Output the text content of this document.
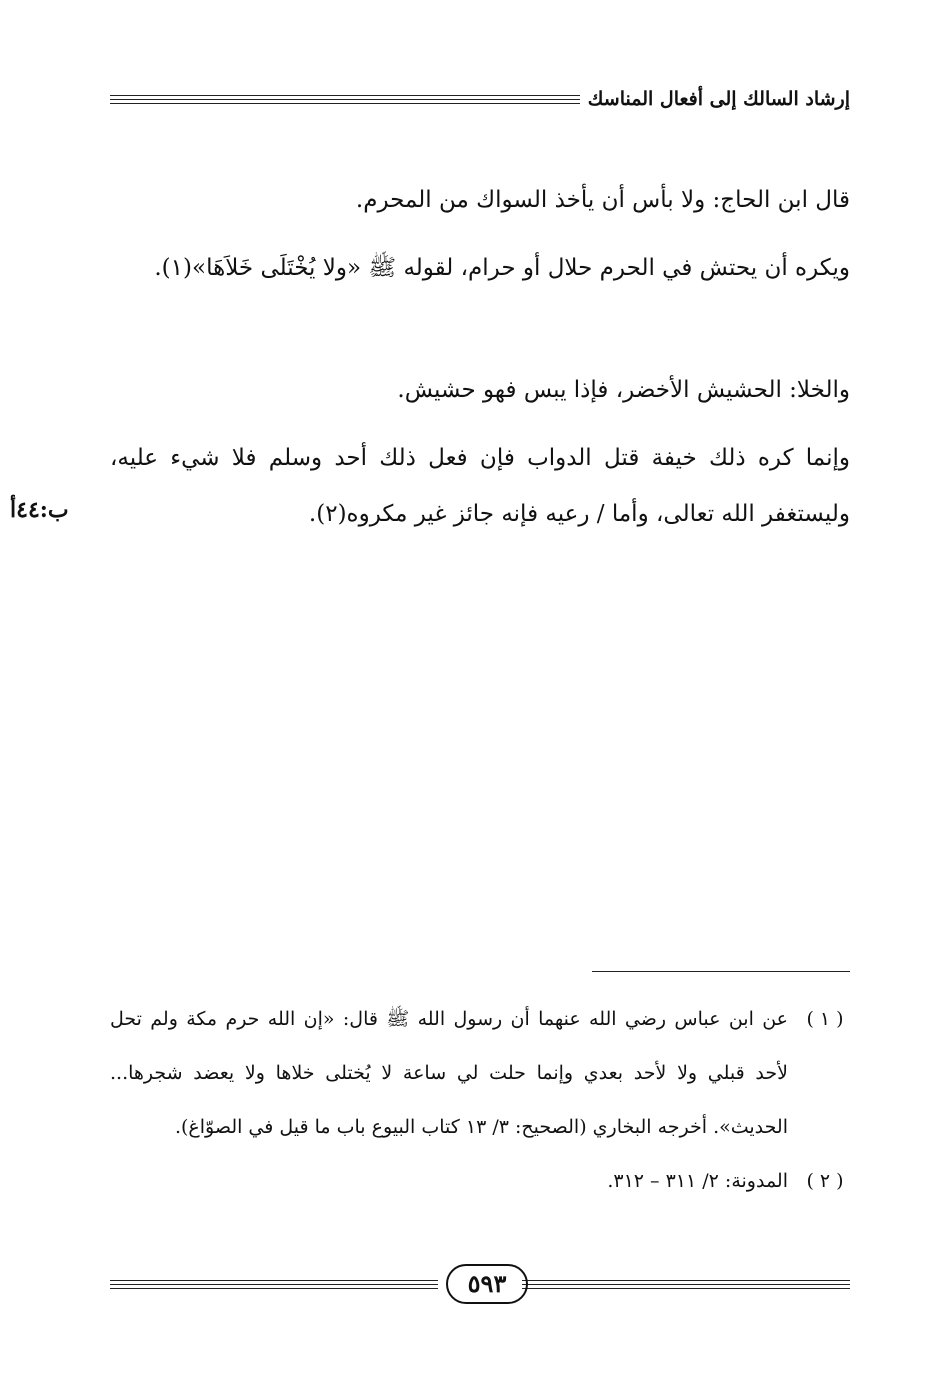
إرشاد السالك إلى أفعال المناسك

قال ابن الحاج: ولا بأس أن يأخذ السواك من المحرم.

ويكره أن يحتش في الحرم حلال أو حرام، لقوله ﷺ «ولا يُخْتَلَى خَلاَهَا»(١).

والخلا: الحشيش الأخضر، فإذا يبس فهو حشيش.

وإنما كره ذلك خيفة قتل الدواب فإن فعل ذلك أحد وسلم فلا شيء عليه، وليستغفر الله تعالى، وأما / رعيه فإنه جائز غير مكروه(٢).

ب:٤٤أ
( ١ )
عن ابن عباس رضي الله عنهما أن رسول الله ﷺ قال: «إن الله حرم مكة ولم تحل لأحد قبلي ولا لأحد بعدي وإنما حلت لي ساعة لا يُختلى خلاها ولا يعضد شجرها... الحديث». أخرجه البخاري (الصحيح: ٣/ ١٣ كتاب البيوع باب ما قيل في الصوّاغ).
( ٢ )
المدونة: ٢/ ٣١١ – ٣١٢.
٥٩٣
